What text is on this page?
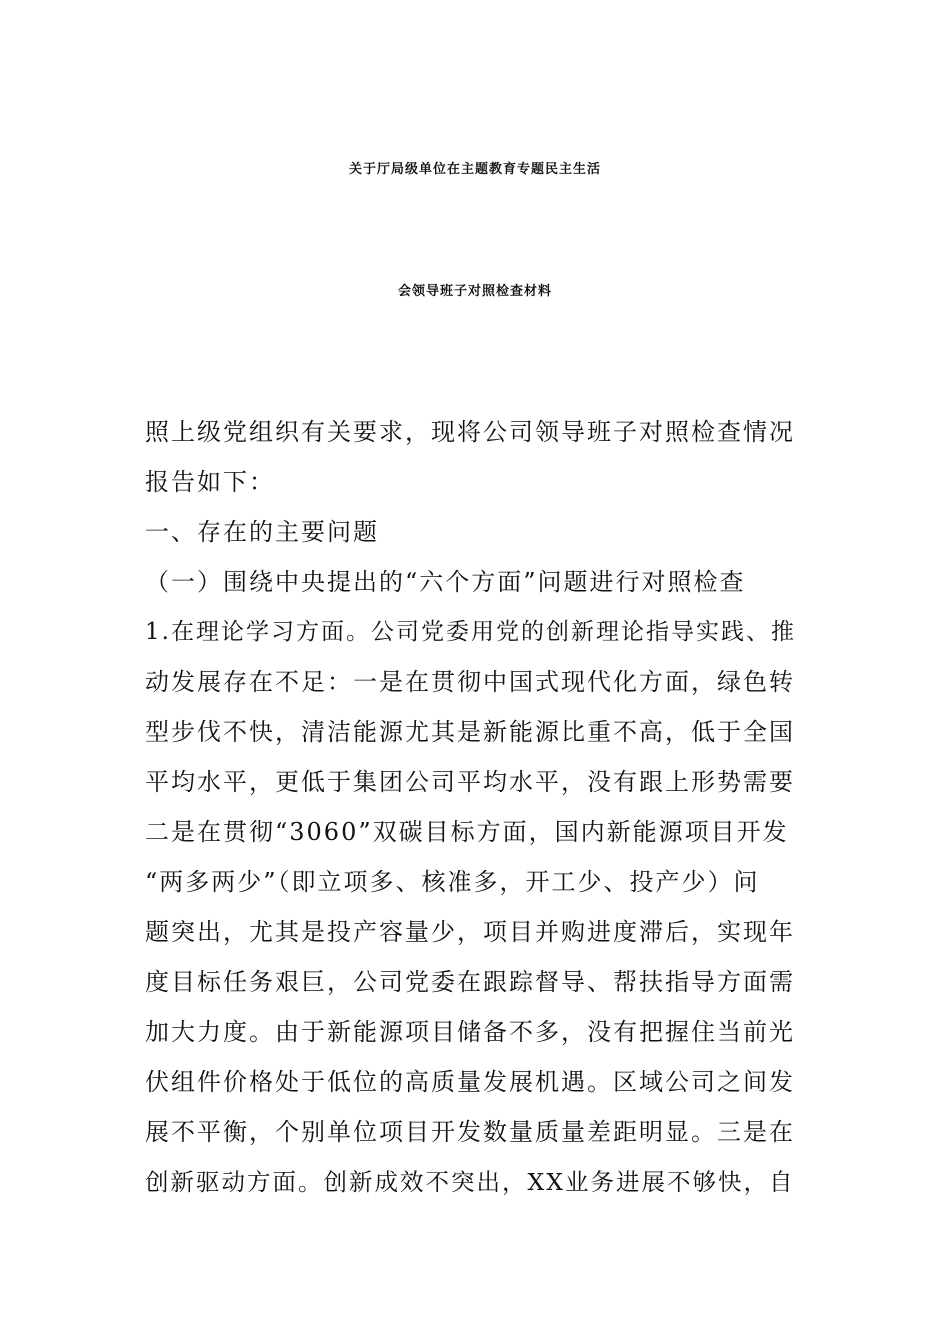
关于厅局级单位在主题教育专题民主生活
会领导班子对照检查材料
照上级党组织有关要求，现将公司领导班子对照检查情况
报告如下：
一、存在的主要问题
（一）围绕中央提出的“六个方面”问题进行对照检查
1.在理论学习方面。公司党委用党的创新理论指导实践、推
动发展存在不足：一是在贯彻中国式现代化方面，绿色转
型步伐不快，清洁能源尤其是新能源比重不高，低于全国
平均水平，更低于集团公司平均水平，没有跟上形势需要
二是在贯彻“3060”双碳目标方面，国内新能源项目开发
“两多两少”（即立项多、核准多，开工少、投产少）问
题突出，尤其是投产容量少，项目并购进度滞后，实现年
度目标任务艰巨，公司党委在跟踪督导、帮扶指导方面需
加大力度。由于新能源项目储备不多，没有把握住当前光
伏组件价格处于低位的高质量发展机遇。区域公司之间发
展不平衡，个别单位项目开发数量质量差距明显。三是在
创新驱动方面。创新成效不突出，XX业务进展不够快，自
